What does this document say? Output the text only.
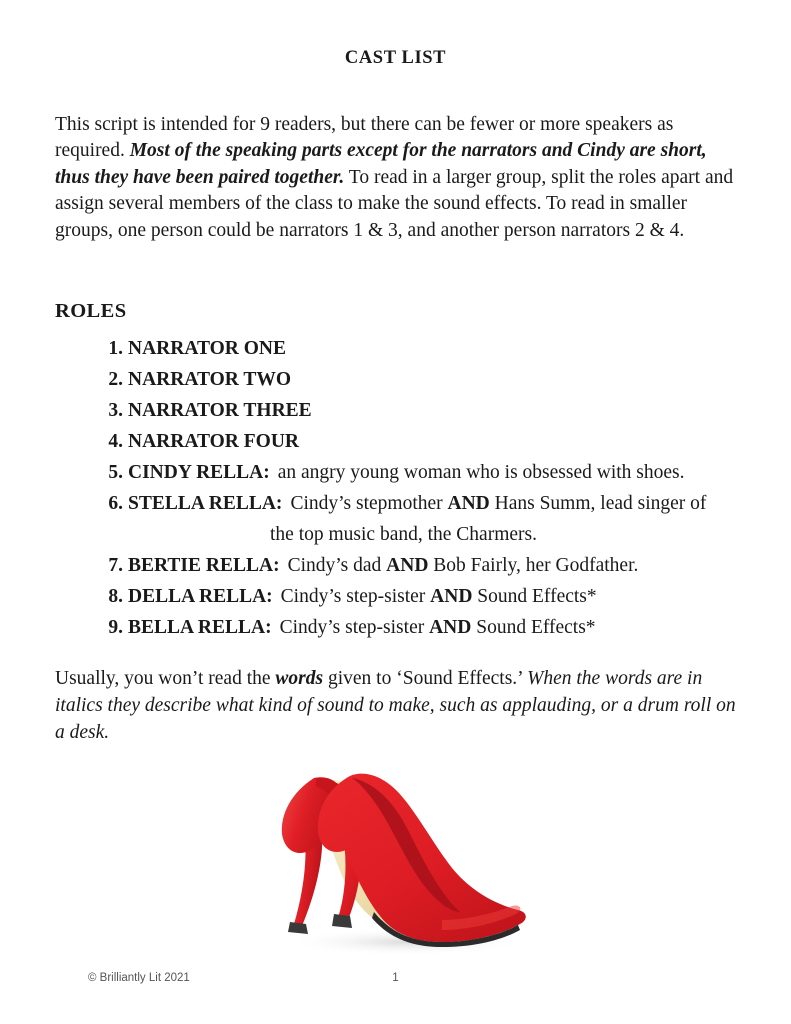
CAST LIST

This script is intended for 9 readers, but there can be fewer or more speakers as required. Most of the speaking parts except for the narrators and Cindy are short, thus they have been paired together. To read in a larger group, split the roles apart and assign several members of the class to make the sound effects. To read in smaller groups, one person could be narrators 1 & 3, and another person narrators 2 & 4.

ROLES
1. NARRATOR ONE
2. NARRATOR TWO
3. NARRATOR THREE
4. NARRATOR FOUR
5. CINDY RELLA: an angry young woman who is obsessed with shoes.
6. STELLA RELLA: Cindy’s stepmother AND Hans Summ, lead singer of
the top music band, the Charmers.
7. BERTIE RELLA: Cindy’s dad AND Bob Fairly, her Godfather.
8. DELLA RELLA: Cindy’s step-sister AND Sound Effects*
9. BELLA RELLA: Cindy’s step-sister AND Sound Effects*

Usually, you won’t read the words given to ‘Sound Effects.’ When the words are in italics they describe what kind of sound to make, such as applauding, or a drum roll on a desk.

© Brilliantly Lit 2021	1
